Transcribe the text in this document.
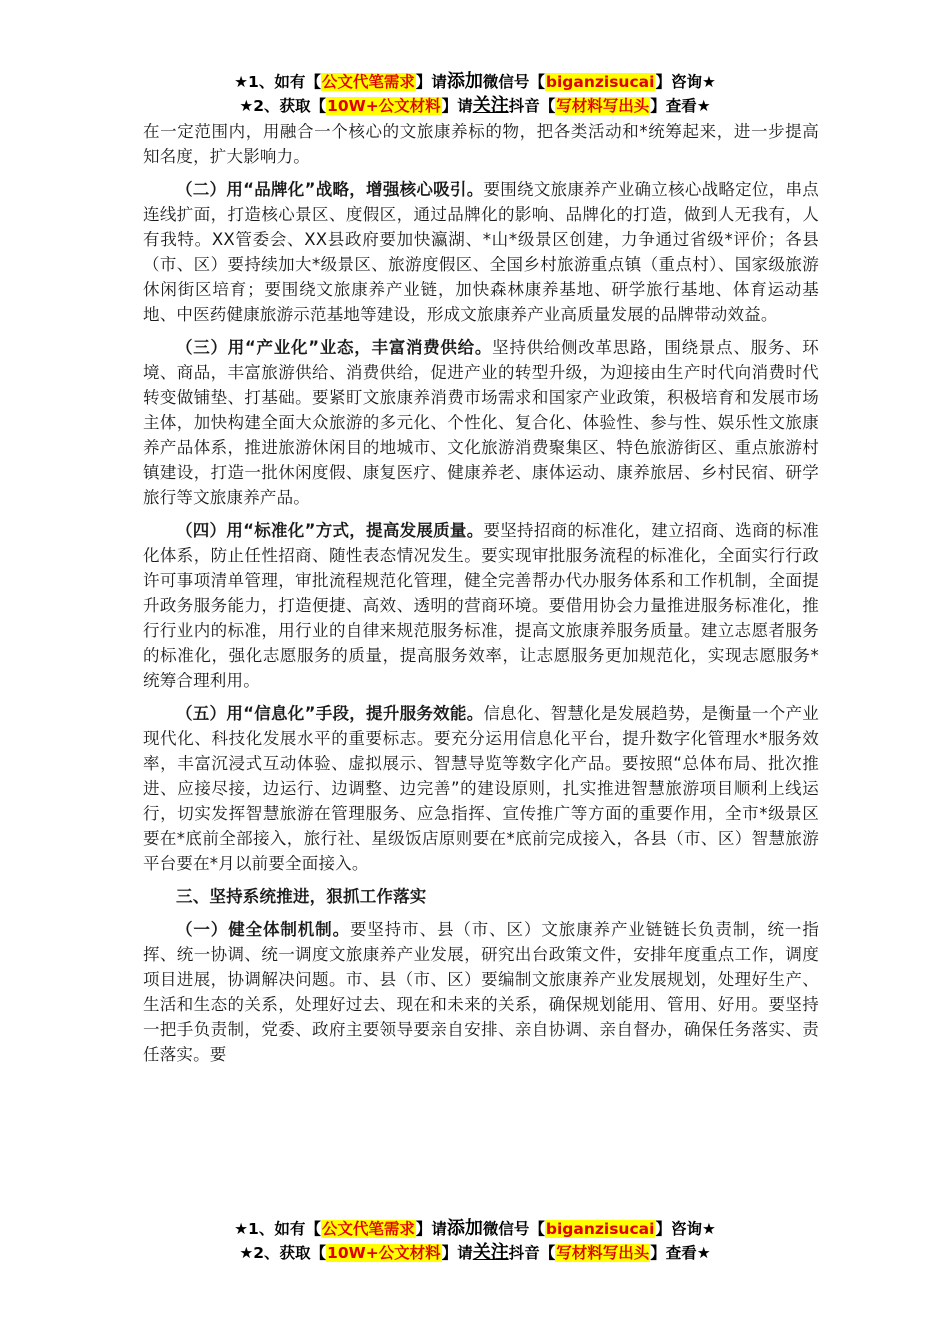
★1、如有【公文代笔需求】请添加微信号【biganzisucai】咨询★
★2、获取【10W+公文材料】请关注抖音【写材料写出头】查看★

在一定范围内，用融合一个核心的文旅康养标的物，把各类活动和*统筹起来，进一步提高知名度，扩大影响力。

（二）用“品牌化”战略，增强核心吸引。要围绕文旅康养产业确立核心战略定位，串点连线扩面，打造核心景区、度假区，通过品牌化的影响、品牌化的打造，做到人无我有，人有我特。XX管委会、XX县政府要加快瀛湖、*山*级景区创建，力争通过省级*评价；各县（市、区）要持续加大*级景区、旅游度假区、全国乡村旅游重点镇（重点村）、国家级旅游休闲街区培育；要围绕文旅康养产业链，加快森林康养基地、研学旅行基地、体育运动基地、中医药健康旅游示范基地等建设，形成文旅康养产业高质量发展的品牌带动效益。

（三）用“产业化”业态，丰富消费供给。坚持供给侧改革思路，围绕景点、服务、环境、商品，丰富旅游供给、消费供给，促进产业的转型升级，为迎接由生产时代向消费时代转变做铺垫、打基础。要紧盯文旅康养消费市场需求和国家产业政策，积极培育和发展市场主体，加快构建全面大众旅游的多元化、个性化、复合化、体验性、参与性、娱乐性文旅康养产品体系，推进旅游休闲目的地城市、文化旅游消费聚集区、特色旅游街区、重点旅游村镇建设，打造一批休闲度假、康复医疗、健康养老、康体运动、康养旅居、乡村民宿、研学旅行等文旅康养产品。

（四）用“标准化”方式，提高发展质量。要坚持招商的标准化，建立招商、选商的标准化体系，防止任性招商、随性表态情况发生。要实现审批服务流程的标准化，全面实行行政许可事项清单管理，审批流程规范化管理，健全完善帮办代办服务体系和工作机制，全面提升政务服务能力，打造便捷、高效、透明的营商环境。要借用协会力量推进服务标准化，推行行业内的标准，用行业的自律来规范服务标准，提高文旅康养服务质量。建立志愿者服务的标准化，强化志愿服务的质量，提高服务效率，让志愿服务更加规范化，实现志愿服务*统筹合理利用。

（五）用“信息化”手段，提升服务效能。信息化、智慧化是发展趋势，是衡量一个产业现代化、科技化发展水平的重要标志。要充分运用信息化平台，提升数字化管理水*服务效率，丰富沉浸式互动体验、虚拟展示、智慧导览等数字化产品。要按照“总体布局、批次推进、应接尽接，边运行、边调整、边完善”的建设原则，扎实推进智慧旅游项目顺利上线运行，切实发挥智慧旅游在管理服务、应急指挥、宣传推广等方面的重要作用，全市*级景区要在*底前全部接入，旅行社、星级饭店原则要在*底前完成接入，各县（市、区）智慧旅游平台要在*月以前要全面接入。

三、坚持系统推进，狠抓工作落实

（一）健全体制机制。要坚持市、县（市、区）文旅康养产业链链长负责制，统一指挥、统一协调、统一调度文旅康养产业发展，研究出台政策文件，安排年度重点工作，调度项目进展，协调解决问题。市、县（市、区）要编制文旅康养产业发展规划，处理好生产、生活和生态的关系，处理好过去、现在和未来的关系，确保规划能用、管用、好用。要坚持一把手负责制，党委、政府主要领导要亲自安排、亲自协调、亲自督办，确保任务落实、责任落实。要

★1、如有【公文代笔需求】请添加微信号【biganzisucai】咨询★
★2、获取【10W+公文材料】请关注抖音【写材料写出头】查看★
